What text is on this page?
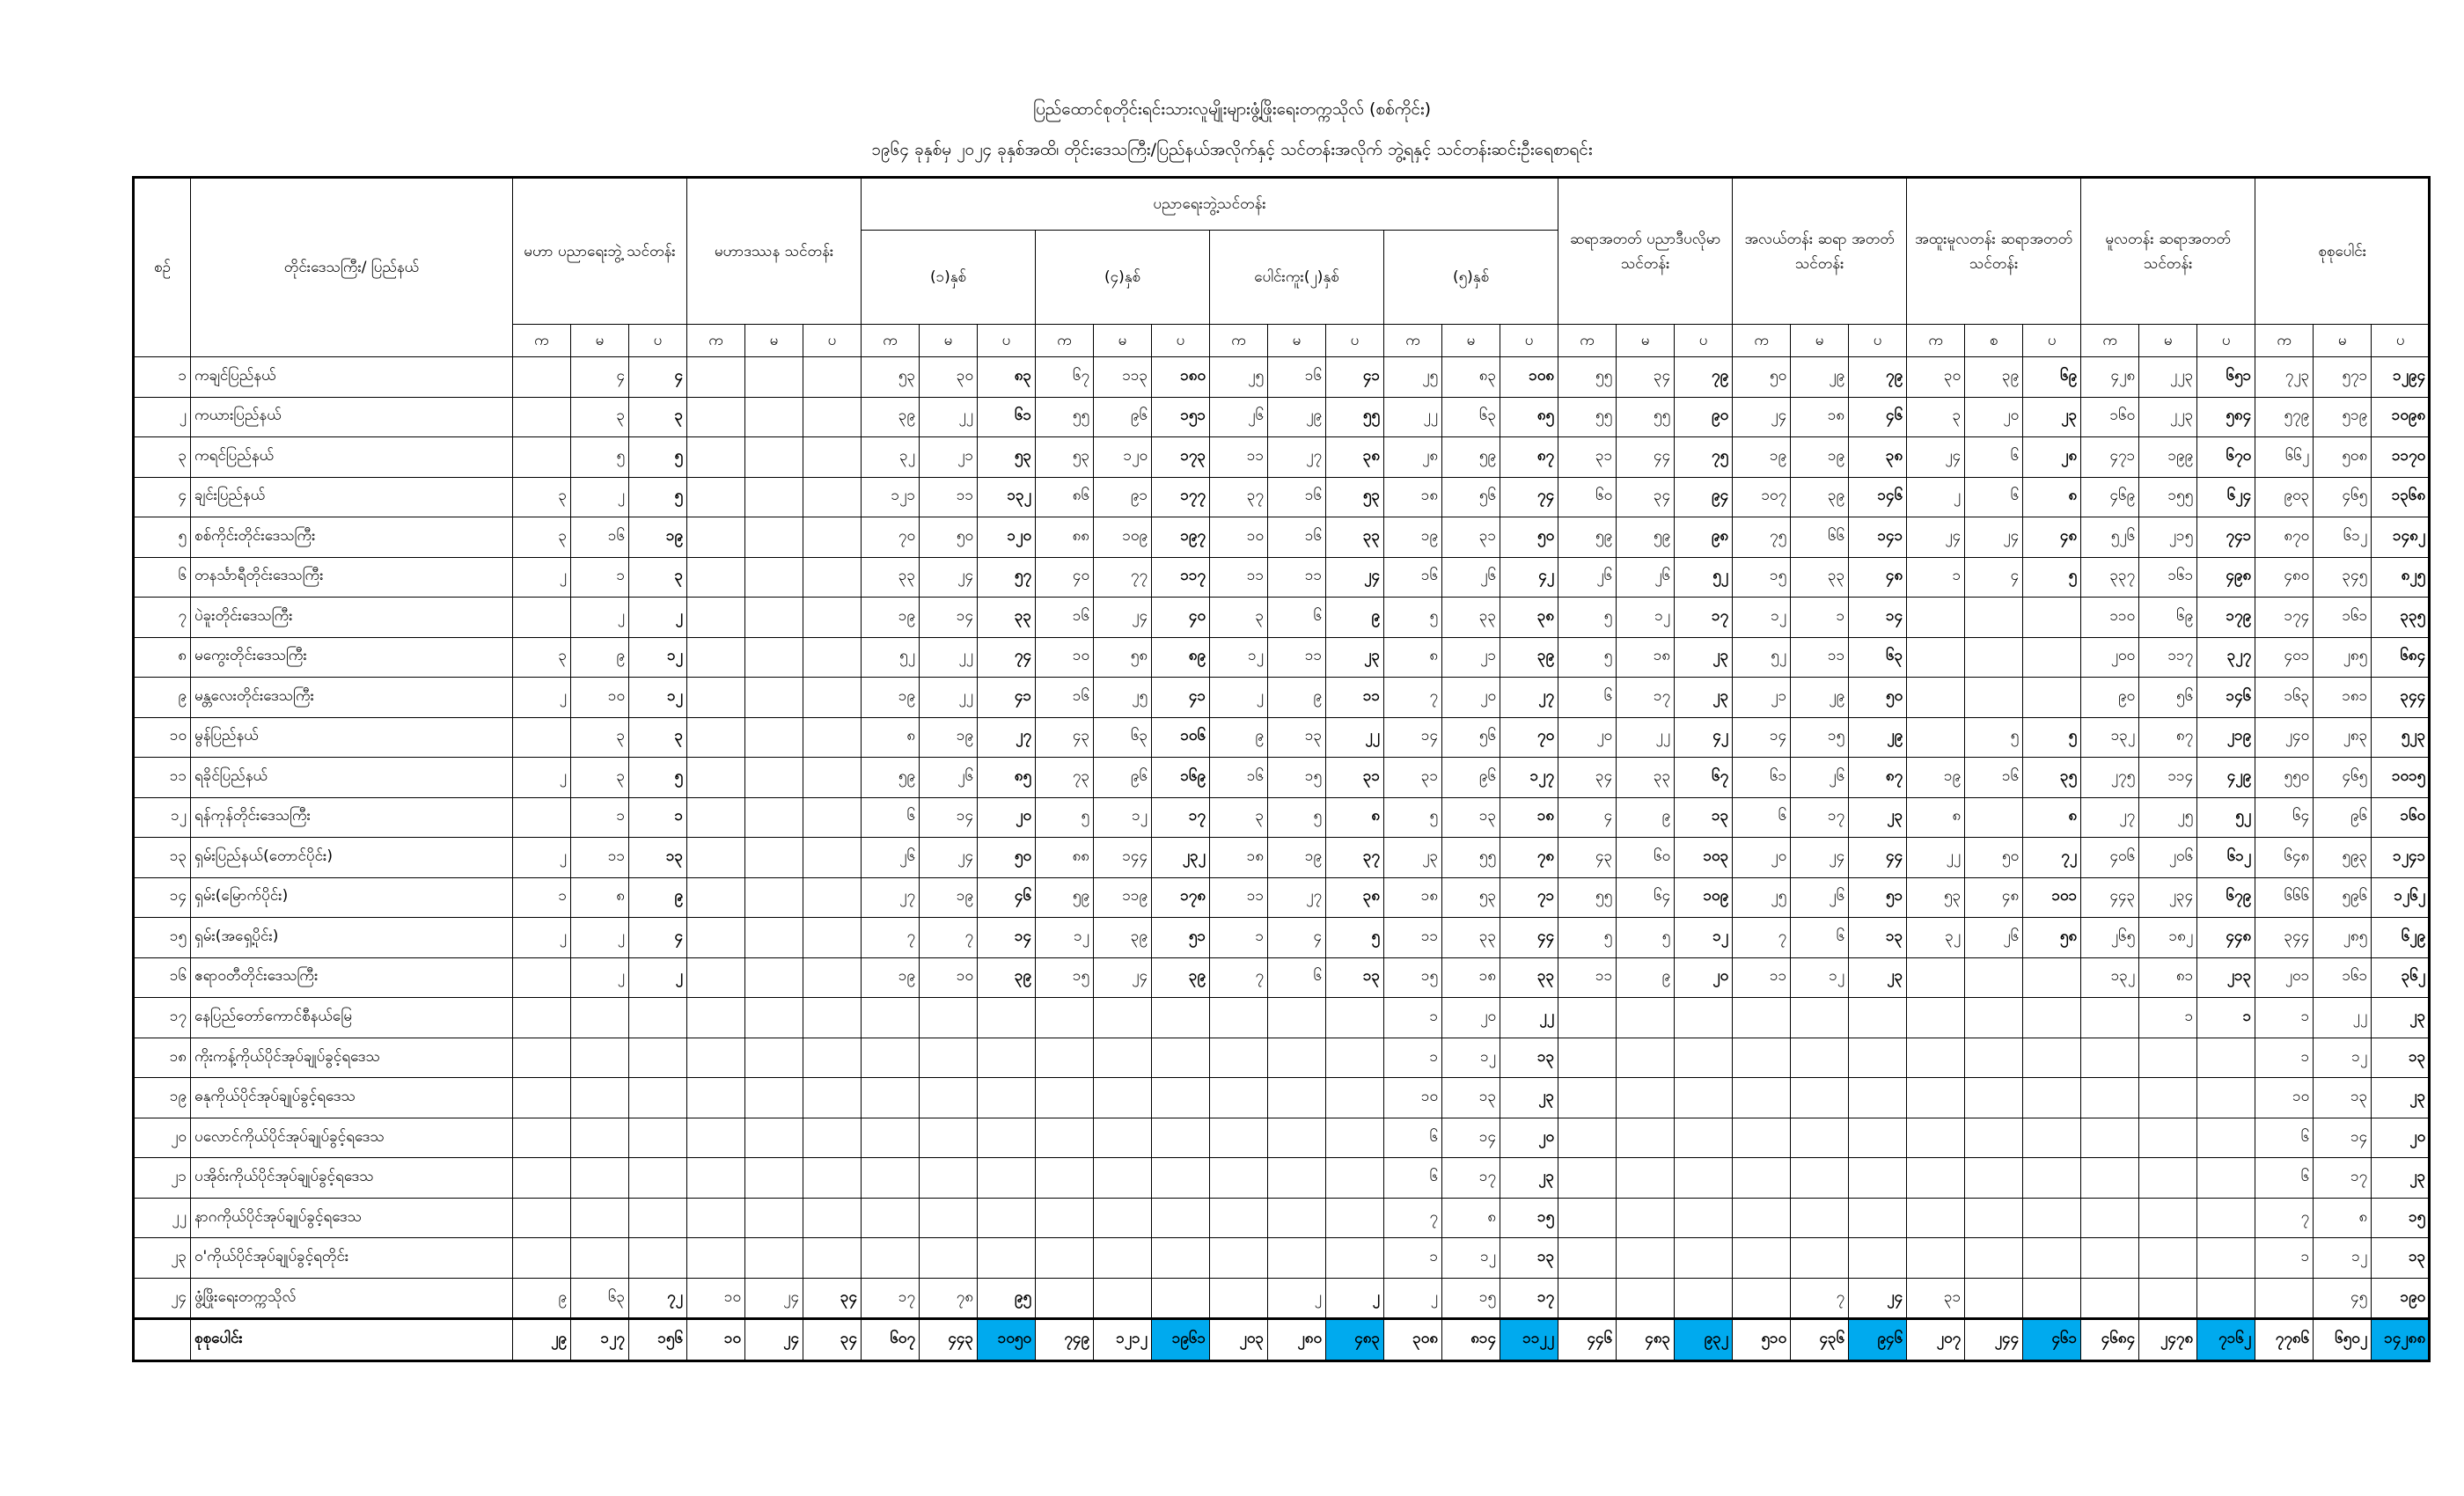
ပြည်ထောင်စုတိုင်းရင်းသားလူမျိုးများဖွံ့ဖြိုးရေးတက္ကသိုလ် (စစ်ကိုင်း)
၁၉၆၄ ခုနှစ်မှ ၂၀၂၄ ခုနှစ်အထိ၊ တိုင်းဒေသကြီး/ပြည်နယ်အလိုက်နှင့် သင်တန်းအလိုက် ဘွဲ့ရနှင့် သင်တန်းဆင်းဦးရေစာရင်း
စဉ်	တိုင်းဒေသကြီး/ ပြည်နယ်	မဟာ ပညာရေးဘွဲ့ သင်တန်း			မဟာဒဿန သင်တန်း			ပညာရေးဘွဲ့သင်တန်း												ဆရာအတတ် ပညာဒီပလိုမာ သင်တန်း			အလယ်တန်း ဆရာ အတတ်သင်တန်း			အထူးမူလတန်း ဆရာအတတ် သင်တန်း			မူလတန်း ဆရာအတတ်သင်တန်း			စုစုပေါင်း			
								(၁)နှစ်			(၄)နှစ်			ပေါင်းကူး(၂)နှစ်			(၅)နှစ်																		
		က	မ	ပ	က	မ	ပ	က	မ	ပ	က	မ	ပ	က	မ	ပ	က	မ	ပ	က	မ	ပ	က	မ	ပ	က	စ	ပ	က	မ	ပ	က	မ	ပ	
၁	ကချင်ပြည်နယ်		၄	၄				၅၃	၃၀	၈၃	၆၇	၁၁၃	၁၈၀	၂၅	၁၆	၄၁	၂၅	၈၃	၁၀၈	၅၅	၃၄	၇၉	၅၀	၂၉	၇၉	၃၀	၃၉	၆၉	၄၂၈	၂၂၃	၆၅၁	၇၂၃	၅၇၁	၁၂၉၄	
၂	ကယားပြည်နယ်		၃	၃				၃၉	၂၂	၆၁	၅၅	၉၆	၁၅၁	၂၆	၂၉	၅၅	၂၂	၆၃	၈၅	၅၅	၅၅	၉၀	၂၄	၁၈	၄၆	၃	၂၀	၂၃	၁၆၀	၂၂၃	၅၈၄	၅၇၉	၅၁၉	၁၀၉၈	
၃	ကရင်ပြည်နယ်		၅	၅				၃၂	၂၁	၅၃	၅၃	၁၂၀	၁၇၃	၁၁	၂၇	၃၈	၂၈	၅၉	၈၇	၃၁	၄၄	၇၅	၁၉	၁၉	၃၈	၂၄	၆	၂၈	၄၇၁	၁၉၉	၆၇၀	၆၆၂	၅၀၈	၁၁၇၀	
၄	ချင်းပြည်နယ်	၃	၂	၅				၁၂၁	၁၁	၁၃၂	၈၆	၉၁	၁၇၇	၃၇	၁၆	၅၃	၁၈	၅၆	၇၄	၆၀	၃၄	၉၄	၁၀၇	၃၉	၁၄၆	၂	၆	၈	၄၆၉	၁၅၅	၆၂၄	၉၀၃	၄၆၅	၁၃၆၈	
၅	စစ်ကိုင်းတိုင်းဒေသကြီး	၃	၁၆	၁၉				၇၀	၅၀	၁၂၀	၈၈	၁၀၉	၁၉၇	၁၀	၁၆	၃၃	၁၉	၃၁	၅၀	၅၉	၅၉	၉၈	၇၅	၆၆	၁၄၁	၂၄	၂၄	၄၈	၅၂၆	၂၁၅	၇၄၁	၈၇၀	၆၁၂	၁၄၈၂	
၆	တနင်္သာရီတိုင်းဒေသကြီး	၂	၁	၃				၃၃	၂၄	၅၇	၄၀	၇၇	၁၁၇	၁၁	၁၁	၂၄	၁၆	၂၆	၄၂	၂၆	၂၆	၅၂	၁၅	၃၃	၄၈	၁	၄	၅	၃၃၇	၁၆၁	၄၉၈	၄၈၀	၃၄၅	၈၂၅	
၇	ပဲခူးတိုင်းဒေသကြီး		၂	၂				၁၉	၁၄	၃၃	၁၆	၂၄	၄၀	၃	၆	၉	၅	၃၃	၃၈	၅	၁၂	၁၇	၁၂	၁	၁၄				၁၁၀	၆၉	၁၇၉	၁၇၄	၁၆၁	၃၃၅	
၈	မကွေးတိုင်းဒေသကြီး	၃	၉	၁၂				၅၂	၂၂	၇၄	၁၀	၅၈	၈၉	၁၂	၁၁	၂၃	၈	၂၁	၃၉	၅	၁၈	၂၃	၅၂	၁၁	၆၃				၂၀၀	၁၁၇	၃၂၇	၄၀၁	၂၈၅	၆၈၄	
၉	မန္တလေးတိုင်းဒေသကြီး	၂	၁၀	၁၂				၁၉	၂၂	၄၁	၁၆	၂၅	၄၁	၂	၉	၁၁	၇	၂၀	၂၇	၆	၁၇	၂၃	၂၁	၂၉	၅၀				၉၀	၅၆	၁၄၆	၁၆၃	၁၈၁	၃၄၄	
၁၀	မွန်ပြည်နယ်		၃	၃				၈	၁၉	၂၇	၄၃	၆၃	၁၀၆	၉	၁၃	၂၂	၁၄	၅၆	၇၀	၂၀	၂၂	၄၂	၁၄	၁၅	၂၉		၅	၅	၁၃၂	၈၇	၂၁၉	၂၄၀	၂၈၃	၅၂၃	
၁၁	ရခိုင်ပြည်နယ်	၂	၃	၅				၅၉	၂၆	၈၅	၇၃	၉၆	၁၆၉	၁၆	၁၅	၃၁	၃၁	၉၆	၁၂၇	၃၄	၃၃	၆၇	၆၁	၂၆	၈၇	၁၉	၁၆	၃၅	၂၇၅	၁၁၄	၄၂၉	၅၅၀	၄၆၅	၁၀၁၅	
၁၂	ရန်ကုန်တိုင်းဒေသကြီး		၁	၁				၆	၁၄	၂၀	၅	၁၂	၁၇	၃	၅	၈	၅	၁၃	၁၈	၄	၉	၁၃	၆	၁၇	၂၃	၈		၈	၂၇	၂၅	၅၂	၆၄	၉၆	၁၆၀	
၁၃	ရှမ်းပြည်နယ်(တောင်ပိုင်း)	၂	၁၁	၁၃				၂၆	၂၄	၅၀	၈၈	၁၄၄	၂၃၂	၁၈	၁၉	၃၇	၂၃	၅၅	၇၈	၄၃	၆၀	၁၀၃	၂၀	၂၄	၄၄	၂၂	၅၀	၇၂	၄၀၆	၂၀၆	၆၁၂	၆၄၈	၅၉၃	၁၂၄၁	
၁၄	ရှမ်း(မြောက်ပိုင်း)	၁	၈	၉				၂၇	၁၉	၄၆	၅၉	၁၁၉	၁၇၈	၁၁	၂၇	၃၈	၁၈	၅၃	၇၁	၅၅	၆၄	၁၀၉	၂၅	၂၆	၅၁	၅၃	၄၈	၁၀၁	၄၄၃	၂၃၄	၆၇၉	၆၆၆	၅၉၆	၁၂၆၂	
၁၅	ရှမ်း(အရှေ့ပိုင်း)	၂	၂	၄				၇	၇	၁၄	၁၂	၃၉	၅၁	၁	၄	၅	၁၁	၃၃	၄၄	၅	၅	၁၂	၇	၆	၁၃	၃၂	၂၆	၅၈	၂၆၅	၁၈၂	၄၄၈	၃၄၄	၂၈၅	၆၂၉	
၁၆	ဧရာဝတီတိုင်းဒေသကြီး		၂	၂				၁၉	၁၀	၃၉	၁၅	၂၄	၃၉	၇	၆	၁၃	၁၅	၁၈	၃၃	၁၁	၉	၂၀	၁၁	၁၂	၂၃				၁၃၂	၈၁	၂၁၃	၂၀၁	၁၆၁	၃၆၂	
၁၇	နေပြည်တော်ကောင်စီနယ်မြေ																၁	၂၀	၂၂											၁	၁	၁	၂၂	၂၃	
၁၈	ကိုးကန့်ကိုယ်ပိုင်အုပ်ချုပ်ခွင့်ရဒေသ																၁	၁၂	၁၃													၁	၁၂	၁၃	
၁၉	ဓနုကိုယ်ပိုင်အုပ်ချုပ်ခွင့်ရဒေသ																၁၀	၁၃	၂၃													၁၀	၁၃	၂၃	
၂၀	ပလောင်ကိုယ်ပိုင်အုပ်ချုပ်ခွင့်ရဒေသ																၆	၁၄	၂၀													၆	၁၄	၂၀	
၂၁	ပအိုဝ်းကိုယ်ပိုင်အုပ်ချုပ်ခွင့်ရဒေသ																၆	၁၇	၂၃													၆	၁၇	၂၃	
၂၂	နာဂကိုယ်ပိုင်အုပ်ချုပ်ခွင့်ရဒေသ																၇	၈	၁၅													၇	၈	၁၅	
၂၃	ဝ'ကိုယ်ပိုင်အုပ်ချုပ်ခွင့်ရတိုင်း																၁	၁၂	၁၃													၁	၁၂	၁၃	
၂၄	ဖွံ့ဖြိုးရေးတက္ကသိုလ်	၉	၆၃	၇၂	၁၀	၂၄	၃၄	၁၇	၇၈	၉၅					၂	၂	၂	၁၅	၁၇					၇	၂၄	၃၁							၄၅	၁၉၀	
	စုစုပေါင်း	၂၉	၁၂၇	၁၅၆	၁၀	၂၄	၃၄	၆၀၇	၄၄၃	၁၀၅၀	၇၄၉	၁၂၁၂	၁၉၆၁	၂၀၃	၂၈၀	၄၈၃	၃၀၈	၈၁၄	၁၁၂၂	၄၄၆	၄၈၃	၉၃၂	၅၁၀	၄၃၆	၉၄၆	၂၀၇	၂၄၄	၄၆၁	၄၆၈၄	၂၄၇၈	၇၁၆၂	၇၇၈၆	၆၅၀၂	၁၄၂၈၈	
